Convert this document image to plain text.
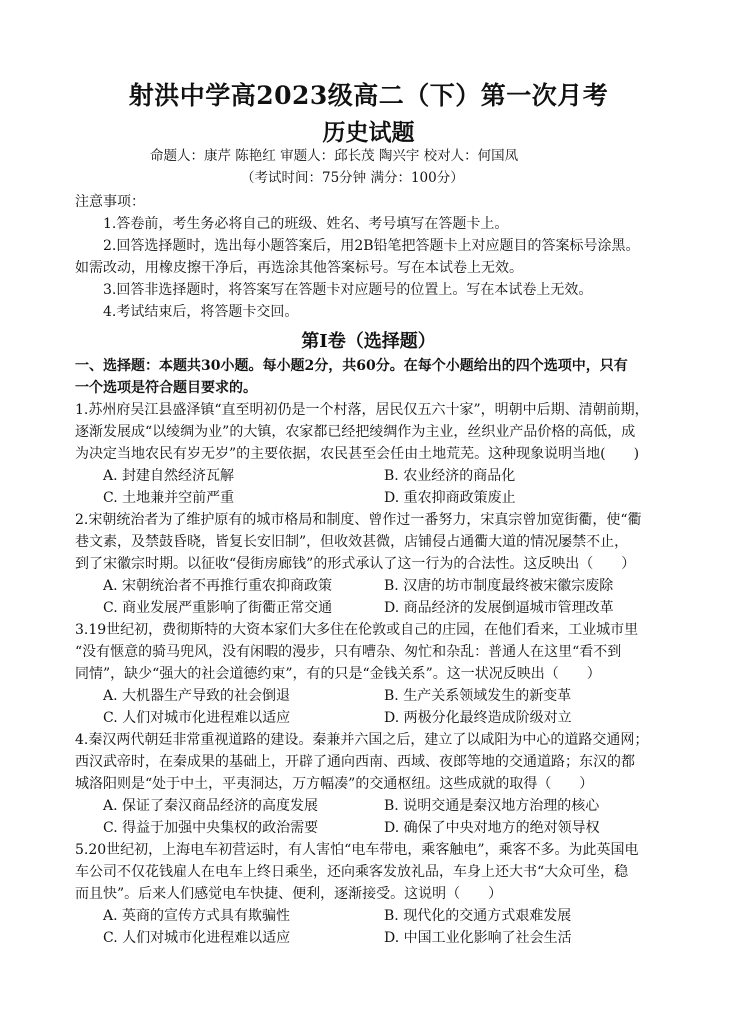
射洪中学高2023级高二（下）第一次月考
历史试题
命题人：康芹 陈艳红 审题人：邱长茂 陶兴宇 校对人：何国凤
（考试时间：75分钟 满分：100分）
注意事项：
1.答卷前，考生务必将自己的班级、姓名、考号填写在答题卡上。
2.回答选择题时，选出每小题答案后，用2B铅笔把答题卡上对应题目的答案标号涂黑。
如需改动，用橡皮擦干净后，再选涂其他答案标号。写在本试卷上无效。
3.回答非选择题时，将答案写在答题卡对应题号的位置上。写在本试卷上无效。
4.考试结束后，将答题卡交回。
第Ⅰ卷（选择题）
一、选择题：本题共30小题。每小题2分，共60分。在每个小题给出的四个选项中，只有
一个选项是符合题目要求的。
1.苏州府吴江县盛泽镇“直至明初仍是一个村落，居民仅五六十家”，明朝中后期、清朝前期，
逐渐发展成“以绫绸为业”的大镇，农家都已经把绫绸作为主业，丝织业产品价格的高低，成
为决定当地农民有岁无岁”的主要依据，农民甚至会任由土地荒芜。这种现象说明当地(　　)
A. 封建自然经济瓦解	B. 农业经济的商品化
C. 土地兼并空前严重	D. 重农抑商政策废止
2.宋朝统治者为了维护原有的城市格局和制度、曾作过一番努力，宋真宗曾加宽街衢，使“衢
巷文素，及禁鼓昏晓，皆复长安旧制”，但收效甚微，店铺侵占通衢大道的情况屡禁不止，
到了宋徽宗时期。以征收“侵街房廊钱”的形式承认了这一行为的合法性。这反映出（　　）
A. 宋朝统治者不再推行重农抑商政策	B. 汉唐的坊市制度最终被宋徽宗废除
C. 商业发展严重影响了街衢正常交通	D. 商品经济的发展倒逼城市管理改革
3.19世纪初，费彻斯特的大资本家们大多住在伦敦或自己的庄园，在他们看来，工业城市里
“没有惬意的骑马兜风，没有闲暇的漫步，只有嘈杂、匆忙和杂乱：普通人在这里“看不到
同情”，缺少“强大的社会道德约束”，有的只是“金钱关系”。这一状况反映出（　　）
A. 大机器生产导致的社会倒退	B. 生产关系领域发生的新变革
C. 人们对城市化进程难以适应	D. 两极分化最终造成阶级对立
4.秦汉两代朝廷非常重视道路的建设。秦兼并六国之后，建立了以咸阳为中心的道路交通网；
西汉武帝时，在秦成果的基础上，开辟了通向西南、西域、夜郎等地的交通道路；东汉的都
城洛阳则是“处于中土，平夷洞达，万方幅凑”的交通枢纽。这些成就的取得（　　）
A. 保证了秦汉商品经济的高度发展	B. 说明交通是秦汉地方治理的核心
C. 得益于加强中央集权的政治需要	D. 确保了中央对地方的绝对领导权
5.20世纪初，上海电车初营运时，有人害怕“电车带电，乘客触电”，乘客不多。为此英国电
车公司不仅花钱雇人在电车上终日乘坐，还向乘客发放礼品，车身上还大书“大众可坐，稳
而且快”。后来人们感觉电车快捷、便利，逐渐接受。这说明（　　）
A. 英商的宣传方式具有欺骗性	B. 现代化的交通方式艰难发展
C. 人们对城市化进程难以适应	D. 中国工业化影响了社会生活
